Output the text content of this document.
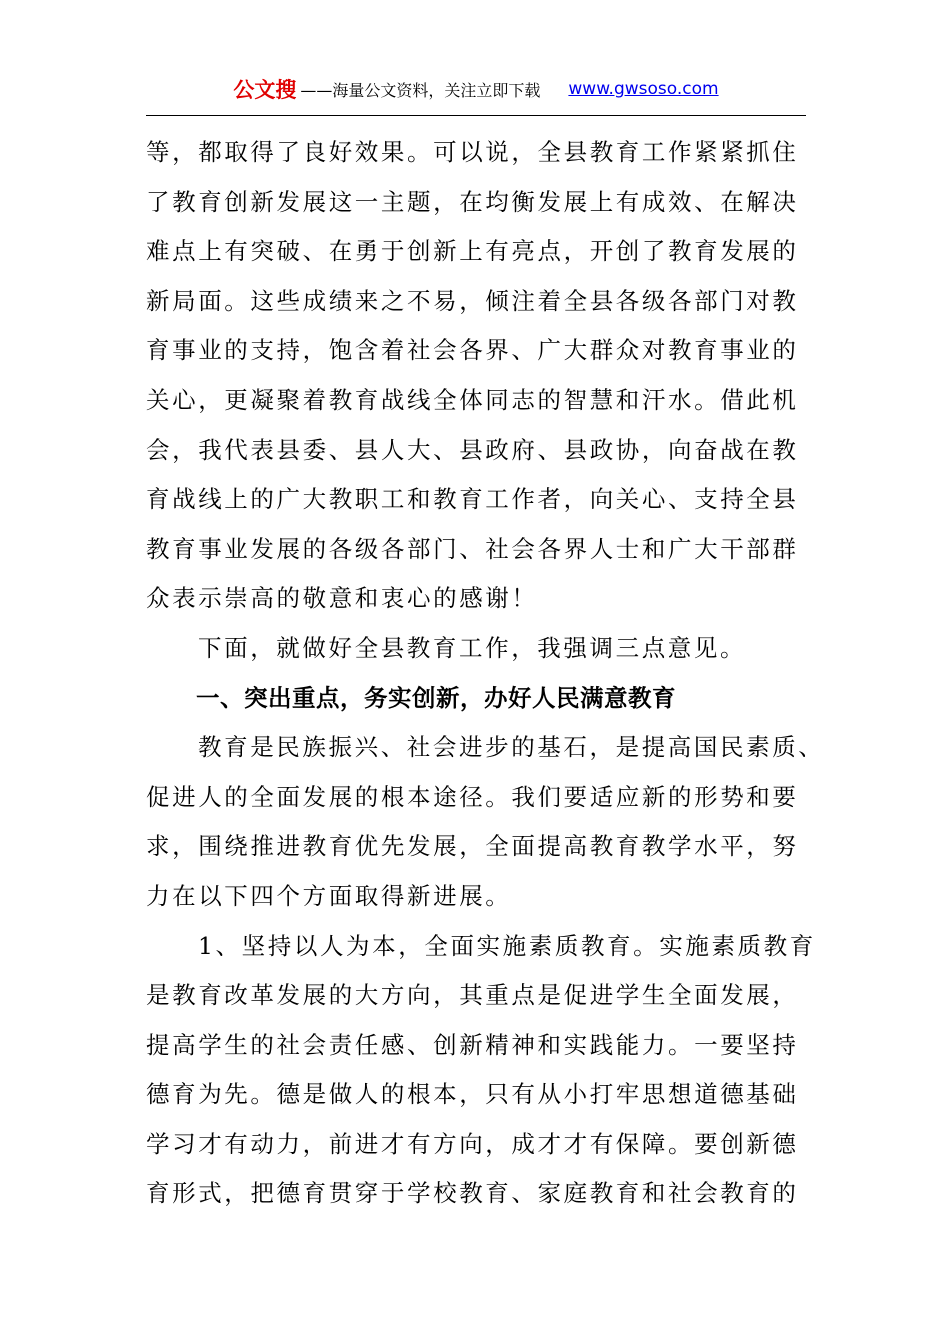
公文搜 ——海量公文资料，关注立即下载 www.gwsoso.com

等，都取得了良好效果。可以说，全县教育工作紧紧抓住
了教育创新发展这一主题，在均衡发展上有成效、在解决
难点上有突破、在勇于创新上有亮点，开创了教育发展的
新局面。这些成绩来之不易，倾注着全县各级各部门对教
育事业的支持，饱含着社会各界、广大群众对教育事业的
关心，更凝聚着教育战线全体同志的智慧和汗水。借此机
会，我代表县委、县人大、县政府、县政协，向奋战在教
育战线上的广大教职工和教育工作者，向关心、支持全县
教育事业发展的各级各部门、社会各界人士和广大干部群
众表示崇高的敬意和衷心的感谢！

下面，就做好全县教育工作，我强调三点意见。

一、突出重点，务实创新，办好人民满意教育

教育是民族振兴、社会进步的基石，是提高国民素质、
促进人的全面发展的根本途径。我们要适应新的形势和要
求，围绕推进教育优先发展，全面提高教育教学水平，努
力在以下四个方面取得新进展。

1、坚持以人为本，全面实施素质教育。实施素质教育
是教育改革发展的大方向，其重点是促进学生全面发展，
提高学生的社会责任感、创新精神和实践能力。一要坚持
德育为先。德是做人的根本，只有从小打牢思想道德基础
学习才有动力，前进才有方向，成才才有保障。要创新德
育形式，把德育贯穿于学校教育、家庭教育和社会教育的
